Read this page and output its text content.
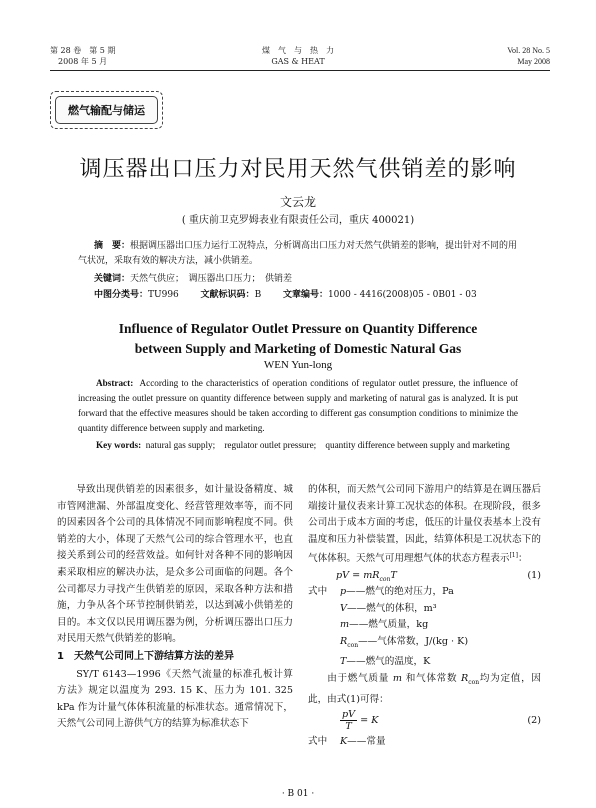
第 28 卷　第 5 期
2008 年 5 月
煤　气　与　热　力
GAS & HEAT
Vol. 28 No. 5
May 2008
燃气输配与储运
调压器出口压力对民用天然气供销差的影响
文云龙
( 重庆前卫克罗姆表业有限责任公司，重庆 400021)
摘　要：根据调压器出口压力运行工况特点，分析调高出口压力对天然气供销差的影响，提出针对不同的用气状况，采取有效的解决方法，减小供销差。
关键词：天然气供应；　调压器出口压力；　供销差
中图分类号：TU996 文献标识码：B 文章编号：1000 - 4416(2008)05 - 0B01 - 03
Influence of Regulator Outlet Pressure on Quantity Difference
between Supply and Marketing of Domestic Natural Gas
WEN Yun-long
Abstract: According to the characteristics of operation conditions of regulator outlet pressure, the influence of increasing the outlet pressure on quantity difference between supply and marketing of natural gas is analyzed. It is put forward that the effective measures should be taken according to different gas consumption conditions to minimize the quantity difference between supply and marketing.
Key words: natural gas supply;　regulator outlet pressure;　quantity difference between supply and marketing

导致出现供销差的因素很多，如计量设备精度、城市管网泄漏、外部温度变化、经营管理效率等，而不同的因素因各个公司的具体情况不同而影响程度不同。供销差的大小，体现了天然气公司的综合管理水平，也直接关系到公司的经营效益。如何针对各种不同的影响因素采取相应的解决办法，是众多公司面临的问题。各个公司都尽力寻找产生供销差的原因，采取各种方法和措施，力争从各个环节控制供销差，以达到减小供销差的目的。本文仅以民用调压器为例，分析调压器出口压力对民用天然气供销差的影响。

1　天然气公司同上下游结算方法的差异

SY/T 6143—1996《天然气流量的标准孔板计算方法》规定以温度为 293. 15 K、压力为 101. 325 kPa 作为计量气体体积流量的标准状态。通常情况下，天然气公司同上游供气方的结算为标准状态下

的体积，而天然气公司同下游用户的结算是在调压器后端接计量仪表来计算工况状态的体积。在现阶段，很多公司出于成本方面的考虑，低压的计量仪表基本上没有温度和压力补偿装置，因此，结算体积是工况状态下的气体体积。天然气可用理想气体的状态方程表示[1]：

pV = $mR_{con}T$	(1)
式中 p——燃气的绝对压力，Pa
V——燃气的体积，m³
m——燃气质量，kg
$R_{con}——$气体常数，J/(kg · K)
T——燃气的温度，K

由于燃气质量 m 和气体常数 $R_{con}$均为定值，因此，由式(1)可得：

$\frac{pV}{T} = K$	(2)
式中 K——常量
· B 01 ·
